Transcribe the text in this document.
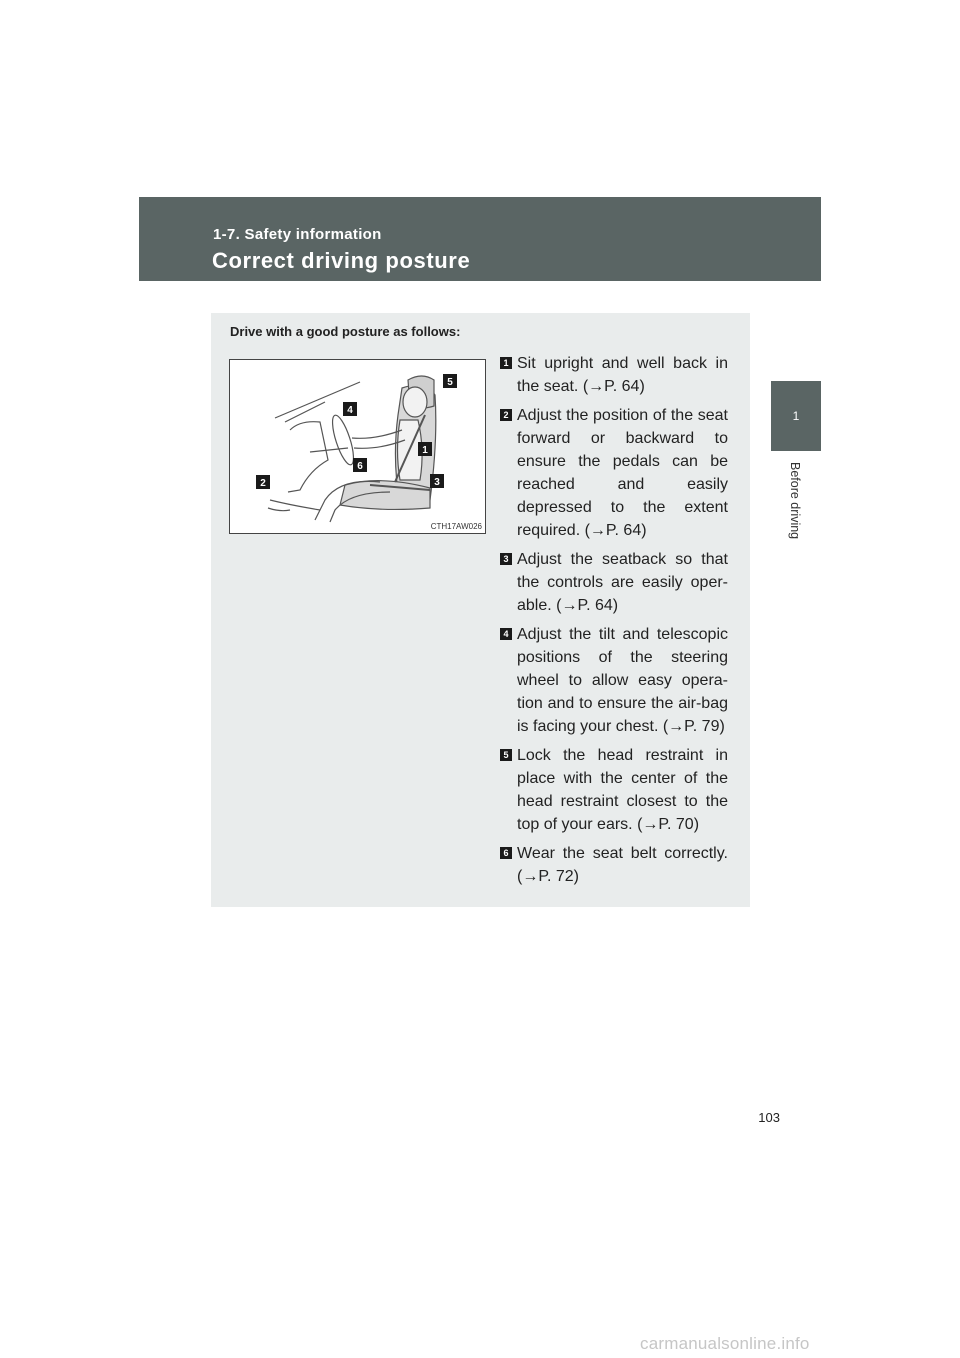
1-7. Safety information
Correct driving posture
1
Before driving
Drive with a good posture as follows:
5
4
1
6
2	3
CTH17AW026
1 Sit upright and well back in the seat. (→P. 64)
2 Adjust the position of the seat forward or backward to ensure the pedals can be reached and easily depressed to the extent required. (→P. 64)
3 Adjust the seatback so that the controls are easily oper-able. (→P. 64)
4 Adjust the tilt and telescopic positions of the steering wheel to allow easy opera-tion and to ensure the air-bag is facing your chest. (→P. 79)
5 Lock the head restraint in place with the center of the head restraint closest to the top of your ears. (→P. 70)
6 Wear the seat belt correctly. (→P. 72)
103
carmanualsonline.info
